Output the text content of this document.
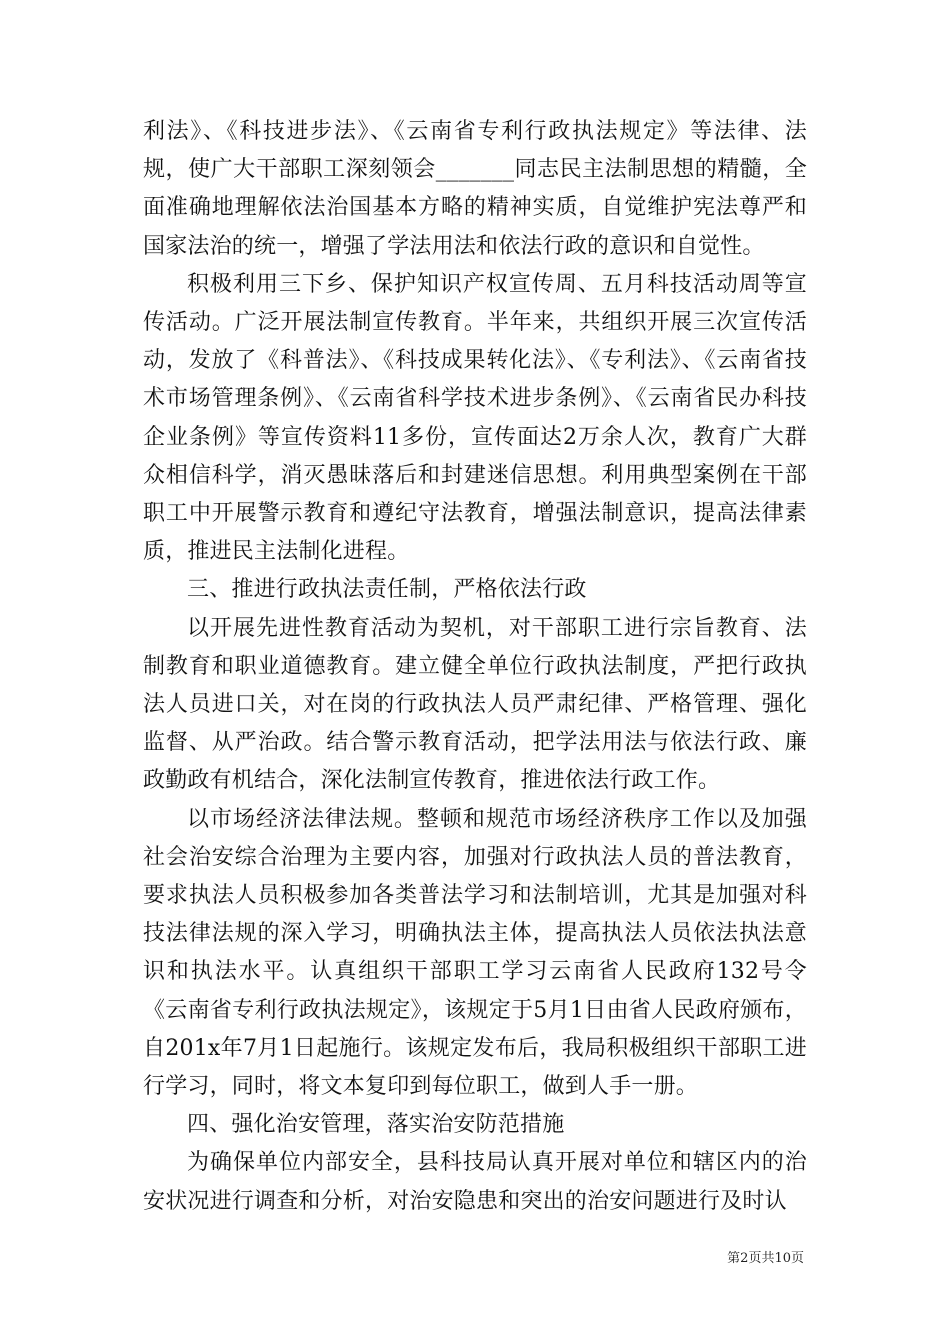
利法》、《科技进步法》、《云南省专利行政执法规定》等法律、法规，使广大干部职工深刻领会_______同志民主法制思想的精髓，全面准确地理解依法治国基本方略的精神实质，自觉维护宪法尊严和国家法治的统一，增强了学法用法和依法行政的意识和自觉性。

积极利用三下乡、保护知识产权宣传周、五月科技活动周等宣传活动。广泛开展法制宣传教育。半年来，共组织开展三次宣传活动，发放了《科普法》、《科技成果转化法》、《专利法》、《云南省技术市场管理条例》、《云南省科学技术进步条例》、《云南省民办科技企业条例》等宣传资料11多份，宣传面达2万余人次，教育广大群众相信科学，消灭愚昧落后和封建迷信思想。利用典型案例在干部职工中开展警示教育和遵纪守法教育，增强法制意识，提高法律素质，推进民主法制化进程。

三、推进行政执法责任制，严格依法行政

以开展先进性教育活动为契机，对干部职工进行宗旨教育、法制教育和职业道德教育。建立健全单位行政执法制度，严把行政执法人员进口关，对在岗的行政执法人员严肃纪律、严格管理、强化监督、从严治政。结合警示教育活动，把学法用法与依法行政、廉政勤政有机结合，深化法制宣传教育，推进依法行政工作。

以市场经济法律法规。整顿和规范市场经济秩序工作以及加强社会治安综合治理为主要内容，加强对行政执法人员的普法教育，要求执法人员积极参加各类普法学习和法制培训，尤其是加强对科技法律法规的深入学习，明确执法主体，提高执法人员依法执法意识和执法水平。认真组织干部职工学习云南省人民政府132号令《云南省专利行政执法规定》，该规定于5月1日由省人民政府颁布，自201x年7月1日起施行。该规定发布后，我局积极组织干部职工进行学习，同时，将文本复印到每位职工，做到人手一册。

四、强化治安管理，落实治安防范措施

为确保单位内部安全，县科技局认真开展对单位和辖区内的治安状况进行调查和分析，对治安隐患和突出的治安问题进行及时认

第2页共10页
